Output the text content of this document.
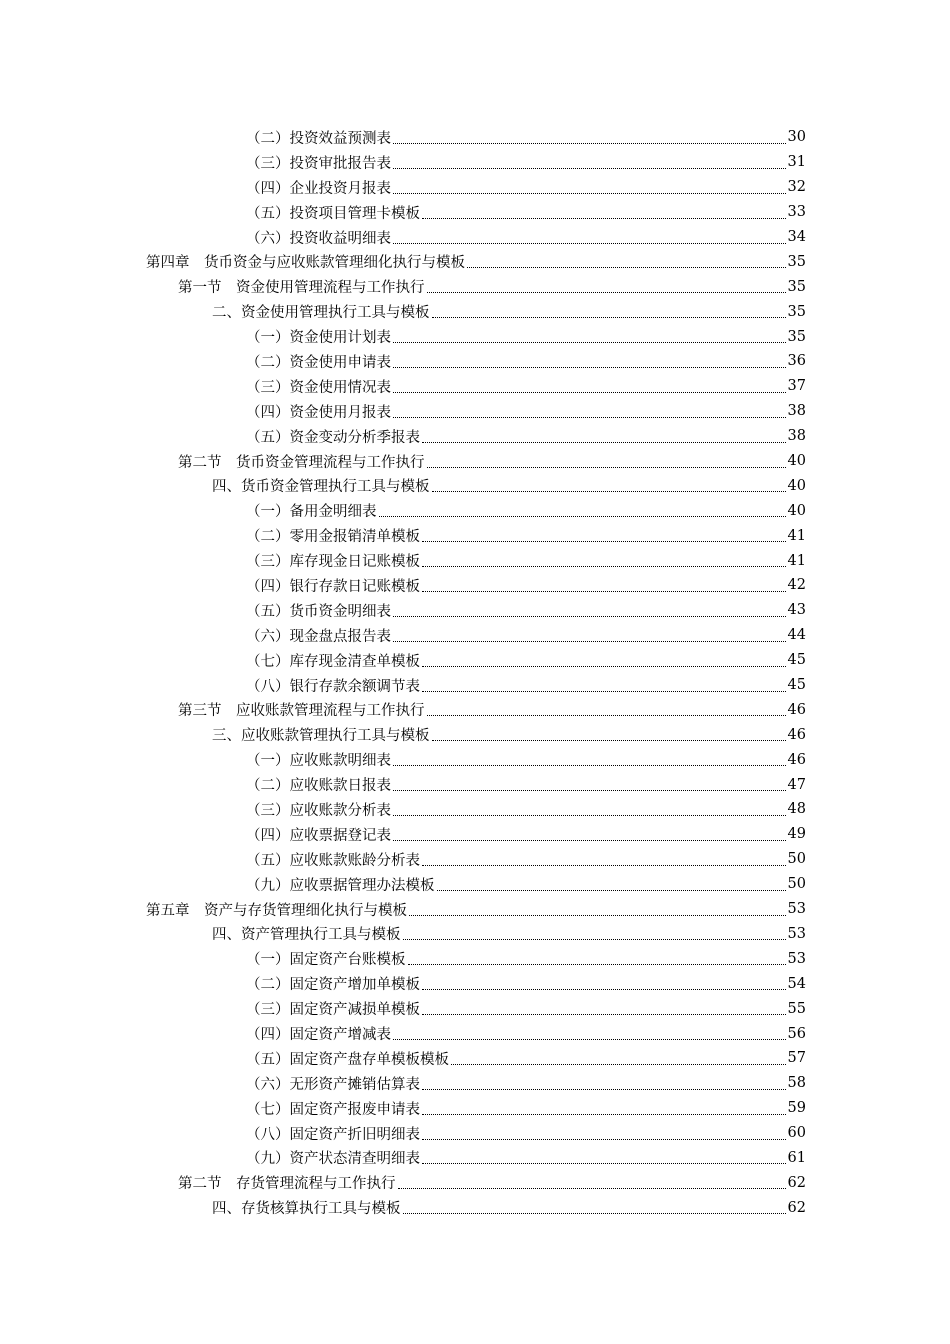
（二）投资效益预测表	30
（三）投资审批报告表	31
（四）企业投资月报表	32
（五）投资项目管理卡模板	33
（六）投资收益明细表	34
第四章　货币资金与应收账款管理细化执行与模板	35
第一节　资金使用管理流程与工作执行	35
二、资金使用管理执行工具与模板	35
（一）资金使用计划表	35
（二）资金使用申请表	36
（三）资金使用情况表	37
（四）资金使用月报表	38
（五）资金变动分析季报表	38
第二节　货币资金管理流程与工作执行	40
四、货币资金管理执行工具与模板	40
（一）备用金明细表	40
（二）零用金报销清单模板	41
（三）库存现金日记账模板	41
（四）银行存款日记账模板	42
（五）货币资金明细表	43
（六）现金盘点报告表	44
（七）库存现金清查单模板	45
（八）银行存款余额调节表	45
第三节　应收账款管理流程与工作执行	46
三、应收账款管理执行工具与模板	46
（一）应收账款明细表	46
（二）应收账款日报表	47
（三）应收账款分析表	48
（四）应收票据登记表	49
（五）应收账款账龄分析表	50
（九）应收票据管理办法模板	50
第五章　资产与存货管理细化执行与模板	53
四、资产管理执行工具与模板	53
（一）固定资产台账模板	53
（二）固定资产增加单模板	54
（三）固定资产减损单模板	55
（四）固定资产增减表	56
（五）固定资产盘存单模板模板	57
（六）无形资产摊销估算表	58
（七）固定资产报废申请表	59
（八）固定资产折旧明细表	60
（九）资产状态清查明细表	61
第二节　存货管理流程与工作执行	62
四、存货核算执行工具与模板	62
